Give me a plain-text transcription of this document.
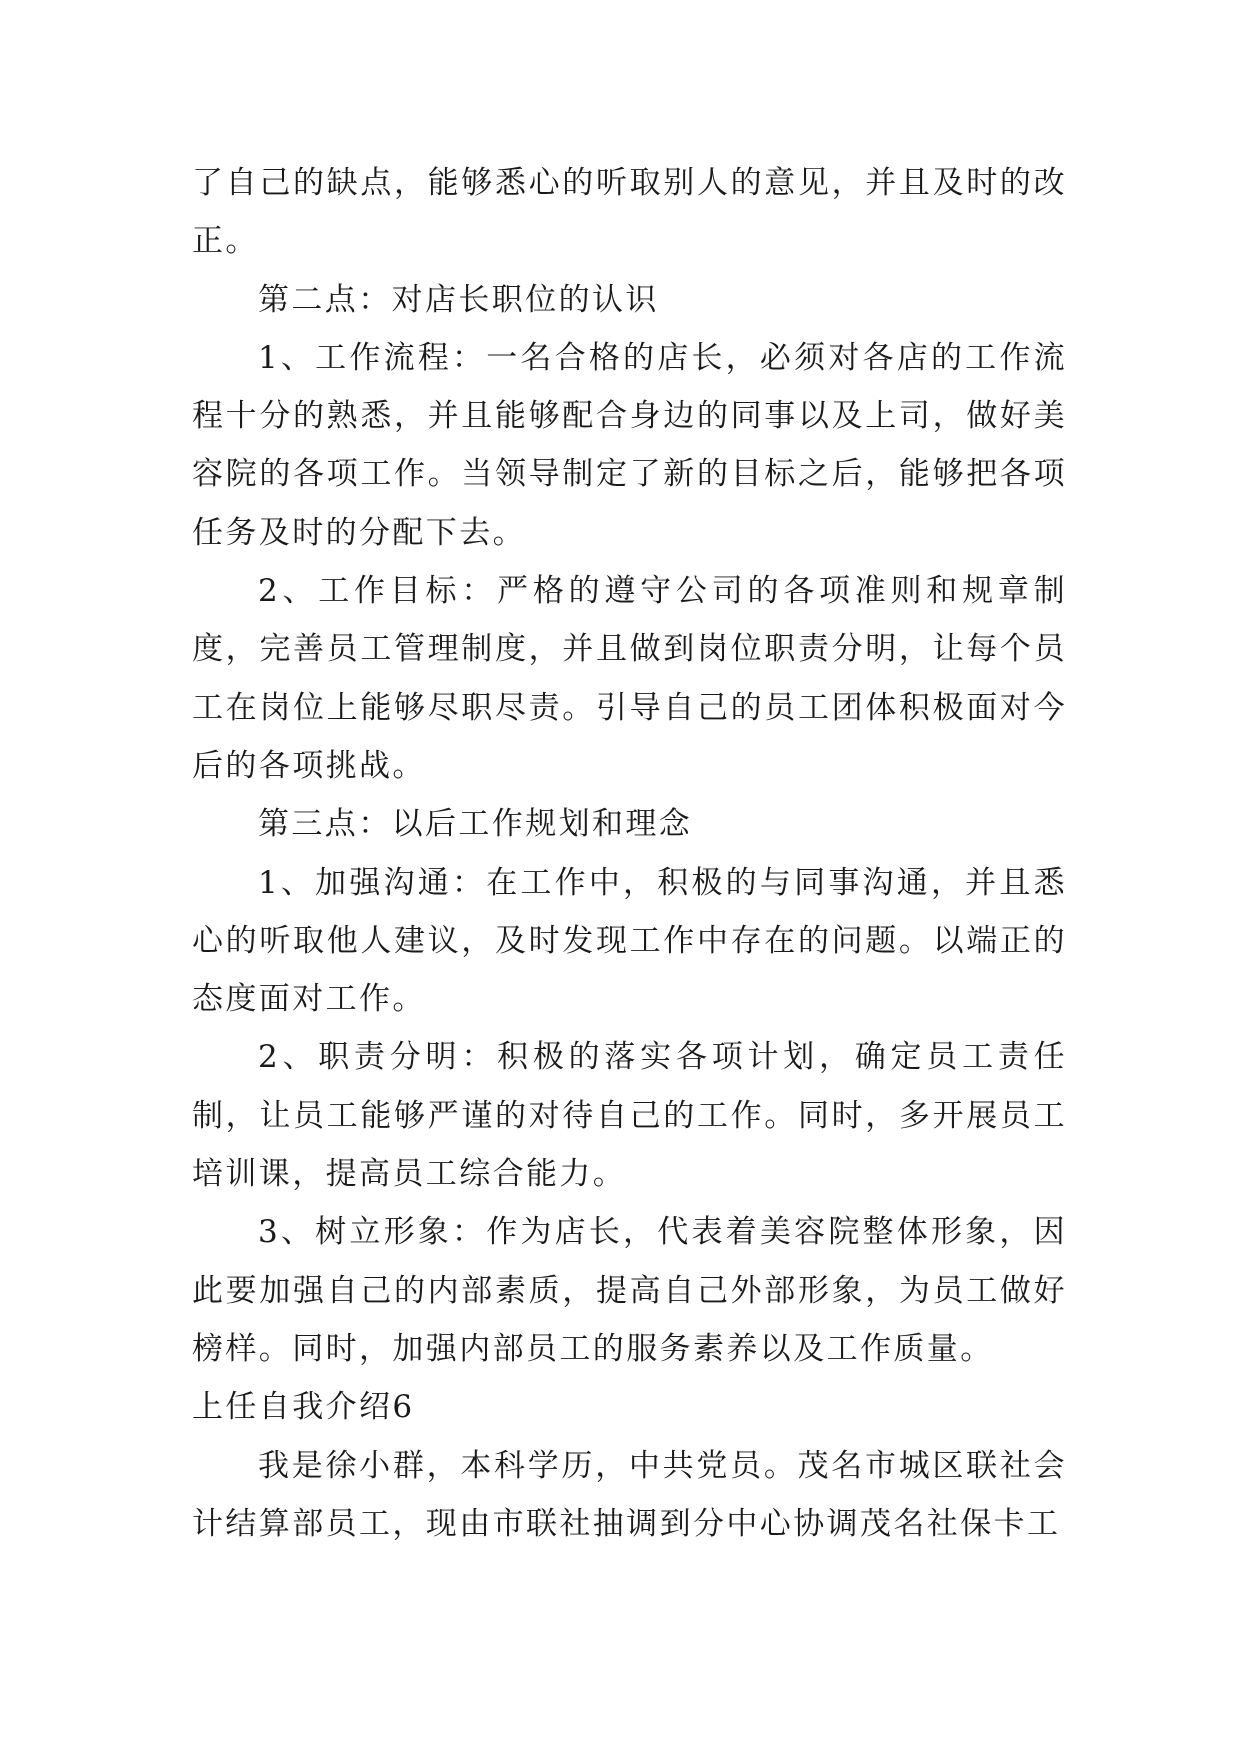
了自己的缺点，能够悉心的听取别人的意见，并且及时的改正。

第二点：对店长职位的认识

1、工作流程：一名合格的店长，必须对各店的工作流程十分的熟悉，并且能够配合身边的同事以及上司，做好美容院的各项工作。当领导制定了新的目标之后，能够把各项任务及时的分配下去。

2、工作目标：严格的遵守公司的各项准则和规章制度，完善员工管理制度，并且做到岗位职责分明，让每个员工在岗位上能够尽职尽责。引导自己的员工团体积极面对今后的各项挑战。

第三点：以后工作规划和理念

1、加强沟通：在工作中，积极的与同事沟通，并且悉心的听取他人建议，及时发现工作中存在的问题。以端正的态度面对工作。

2、职责分明：积极的落实各项计划，确定员工责任制，让员工能够严谨的对待自己的工作。同时，多开展员工培训课，提高员工综合能力。

3、树立形象：作为店长，代表着美容院整体形象，因此要加强自己的内部素质，提高自己外部形象，为员工做好榜样。同时，加强内部员工的服务素养以及工作质量。

上任自我介绍6

我是徐小群，本科学历，中共党员。茂名市城区联社会计结算部员工，现由市联社抽调到分中心协调茂名社保卡工
